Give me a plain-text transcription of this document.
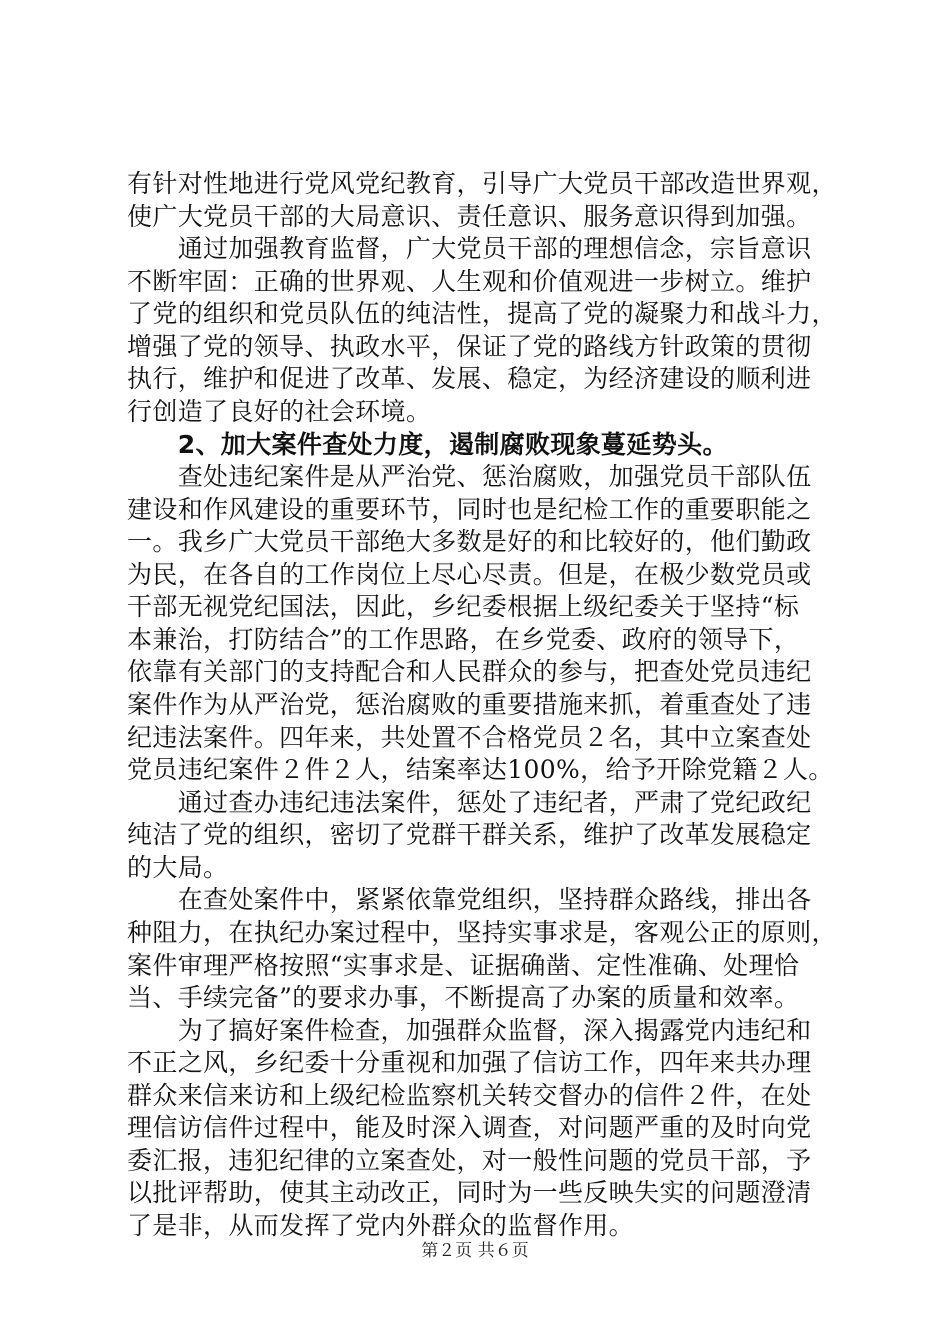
有针对性地进行党风党纪教育，引导广大党员干部改造世界观，
使广大党员干部的大局意识、责任意识、服务意识得到加强。
　　通过加强教育监督，广大党员干部的理想信念，宗旨意识
不断牢固：正确的世界观、人生观和价值观进一步树立。维护
了党的组织和党员队伍的纯洁性，提高了党的凝聚力和战斗力，
增强了党的领导、执政水平，保证了党的路线方针政策的贯彻
执行，维护和促进了改革、发展、稳定，为经济建设的顺利进
行创造了良好的社会环境。
　　2、加大案件查处力度，遏制腐败现象蔓延势头。
　　查处违纪案件是从严治党、惩治腐败，加强党员干部队伍
建设和作风建设的重要环节，同时也是纪检工作的重要职能之
一。我乡广大党员干部绝大多数是好的和比较好的，他们勤政
为民，在各自的工作岗位上尽心尽责。但是，在极少数党员或
干部无视党纪国法，因此，乡纪委根据上级纪委关于坚持“标
本兼治，打防结合”的工作思路，在乡党委、政府的领导下，
依靠有关部门的支持配合和人民群众的参与，把查处党员违纪
案件作为从严治党，惩治腐败的重要措施来抓，着重查处了违
纪违法案件。四年来，共处置不合格党员２名，其中立案查处
党员违纪案件２件２人，结案率达100%，给予开除党籍２人。
　　通过查办违纪违法案件，惩处了违纪者，严肃了党纪政纪
纯洁了党的组织，密切了党群干群关系，维护了改革发展稳定
的大局。
　　在查处案件中，紧紧依靠党组织，坚持群众路线，排出各
种阻力，在执纪办案过程中，坚持实事求是，客观公正的原则，
案件审理严格按照“实事求是、证据确凿、定性准确、处理恰
当、手续完备”的要求办事，不断提高了办案的质量和效率。
　　为了搞好案件检查，加强群众监督，深入揭露党内违纪和
不正之风，乡纪委十分重视和加强了信访工作，四年来共办理
群众来信来访和上级纪检监察机关转交督办的信件２件，在处
理信访信件过程中，能及时深入调查，对问题严重的及时向党
委汇报，违犯纪律的立案查处，对一般性问题的党员干部，予
以批评帮助，使其主动改正，同时为一些反映失实的问题澄清
了是非，从而发挥了党内外群众的监督作用。
第２页 共６页
